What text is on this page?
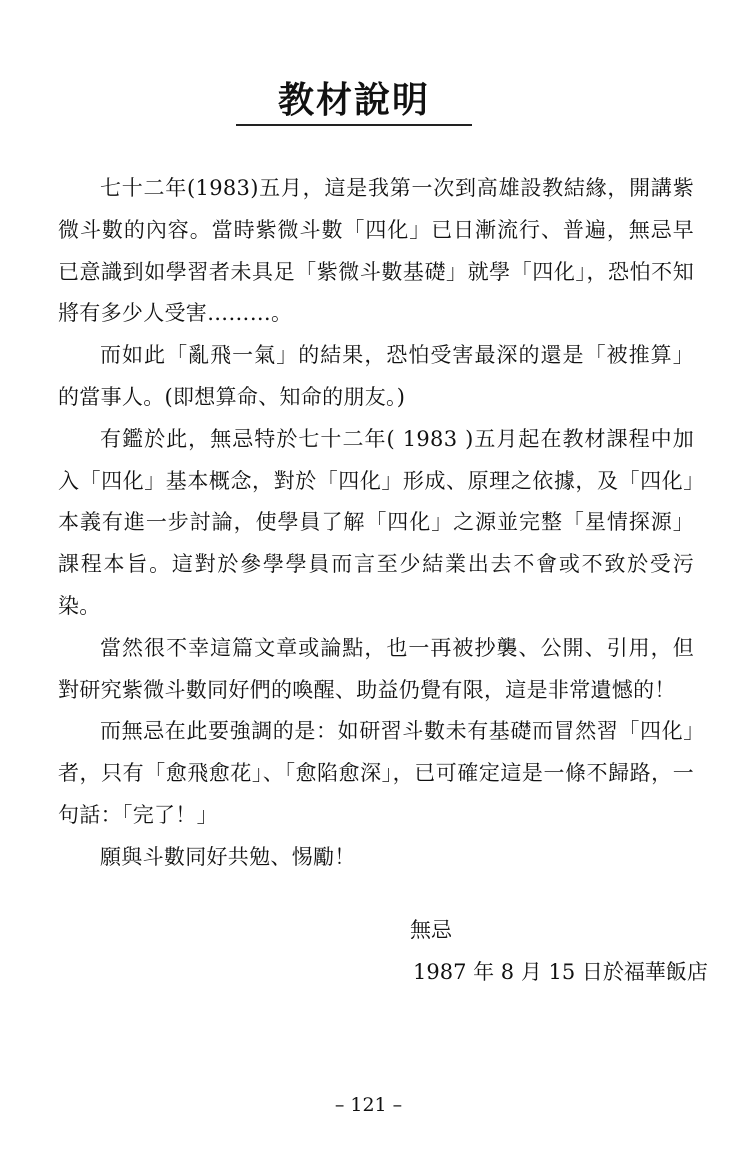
教材說明

七十二年(1983)五月，這是我第一次到高雄設教結緣，開講紫微斗數的內容。當時紫微斗數「四化」已日漸流行、普遍，無忌早已意識到如學習者未具足「紫微斗數基礎」就學「四化」，恐怕不知將有多少人受害………。

而如此「亂飛一氣」的結果，恐怕受害最深的還是「被推算」的當事人。(即想算命、知命的朋友。)

有鑑於此，無忌特於七十二年( 1983 )五月起在教材課程中加入「四化」基本概念，對於「四化」形成、原理之依據，及「四化」本義有進一步討論，使學員了解「四化」之源並完整「星情探源」課程本旨。這對於參學學員而言至少結業出去不會或不致於受污染。

當然很不幸這篇文章或論點，也一再被抄襲、公開、引用，但對研究紫微斗數同好們的喚醒、助益仍覺有限，這是非常遺憾的！

而無忌在此要強調的是：如研習斗數未有基礎而冒然習「四化」者，只有「愈飛愈花」、「愈陷愈深」，已可確定這是一條不歸路，一句話：「完了！」

願與斗數同好共勉、惕勵！

無忌
1987 年 8 月 15 日於福華飯店
– 121 –
